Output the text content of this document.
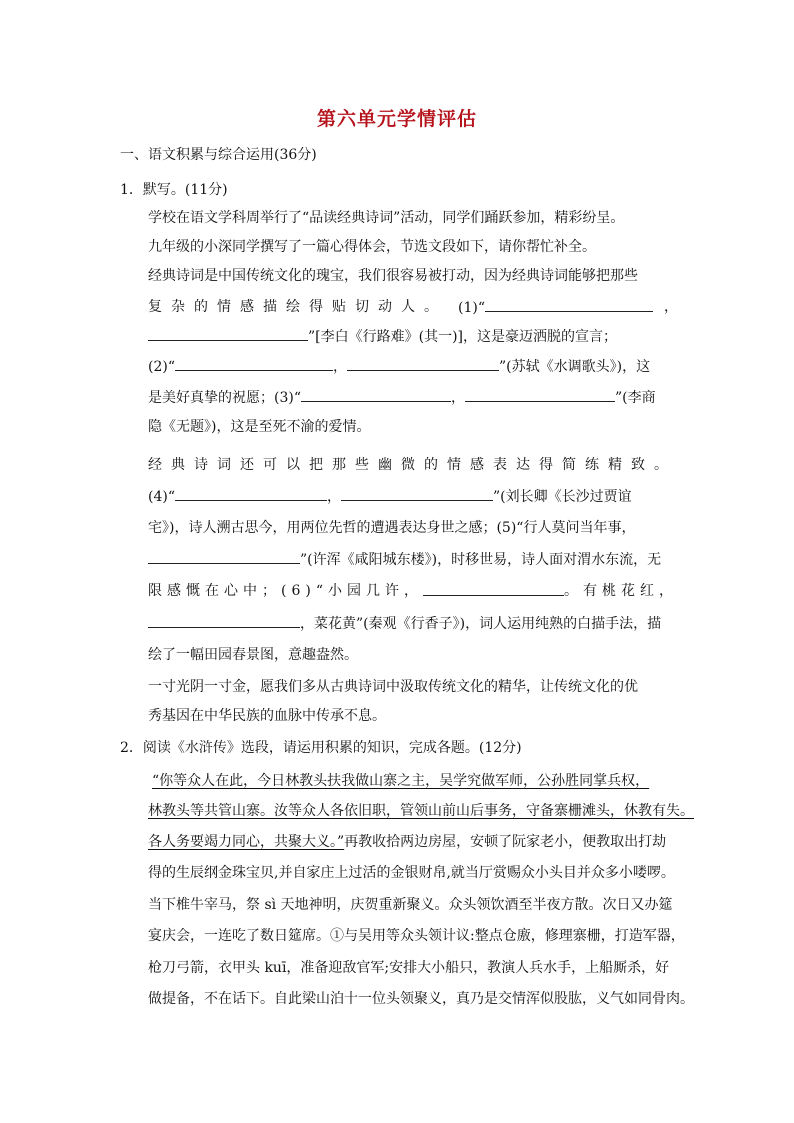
第六单元学情评估
一、语文积累与综合运用(36分)
1．默写。(11分)
学校在语文学科周举行了“品读经典诗词”活动，同学们踊跃参加，精彩纷呈。
九年级的小深同学撰写了一篇心得体会，节选文段如下，请你帮忙补全。
经典诗词是中国传统文化的瑰宝，我们很容易被打动，因为经典诗词能够把那些
复杂的情感描绘得贴切动人。 (1)“	，
”[李白《行路难》(其一)]，这是豪迈洒脱的宣言；
(2)“	，	”(苏轼《水调歌头》)，这
是美好真挚的祝愿；(3)“	，	”(李商
隐《无题》)，这是至死不渝的爱情。
经典诗词还可以把那些幽微的情感表达得简练精致。
(4)“	，	”(刘长卿《长沙过贾谊
宅》)，诗人溯古思今，用两位先哲的遭遇表达身世之感；(5)“行人莫问当年事，
”(许浑《咸阳城东楼》)，时移世易，诗人面对渭水东流，无
限感慨在心中；(6)“小园几许，	。有桃花红，
，菜花黄”(秦观《行香子》)，词人运用纯熟的白描手法，描
绘了一幅田园春景图，意趣盎然。
一寸光阴一寸金，愿我们多从古典诗词中汲取传统文化的精华，让传统文化的优
秀基因在中华民族的血脉中传承不息。
2．阅读《水浒传》选段，请运用积累的知识，完成各题。(12分)
“你等众人在此，今日林教头扶我做山寨之主，吴学究做军师，公孙胜同掌兵权，
林教头等共管山寨。汝等众人各依旧职，管领山前山后事务，守备寨栅滩头，休教有失。
各人务要竭力同心，共聚大义。”再教收拾两边房屋，安顿了阮家老小，便教取出打劫
得的生辰纲金珠宝贝,并自家庄上过活的金银财帛,就当厅赏赐众小头目并众多小喽啰。
当下椎牛宰马，祭 sì 天地神明，庆贺重新聚义。众头领饮酒至半夜方散。次日又办筵
宴庆会，一连吃了数日筵席。①与吴用等众头领计议:整点仓廒，修理寨栅，打造军器，
枪刀弓箭，衣甲头 kuī，准备迎敌官军;安排大小船只，教演人兵水手，上船厮杀，好
做提备，不在话下。自此梁山泊十一位头领聚义，真乃是交情浑似股肱，义气如同骨肉。
